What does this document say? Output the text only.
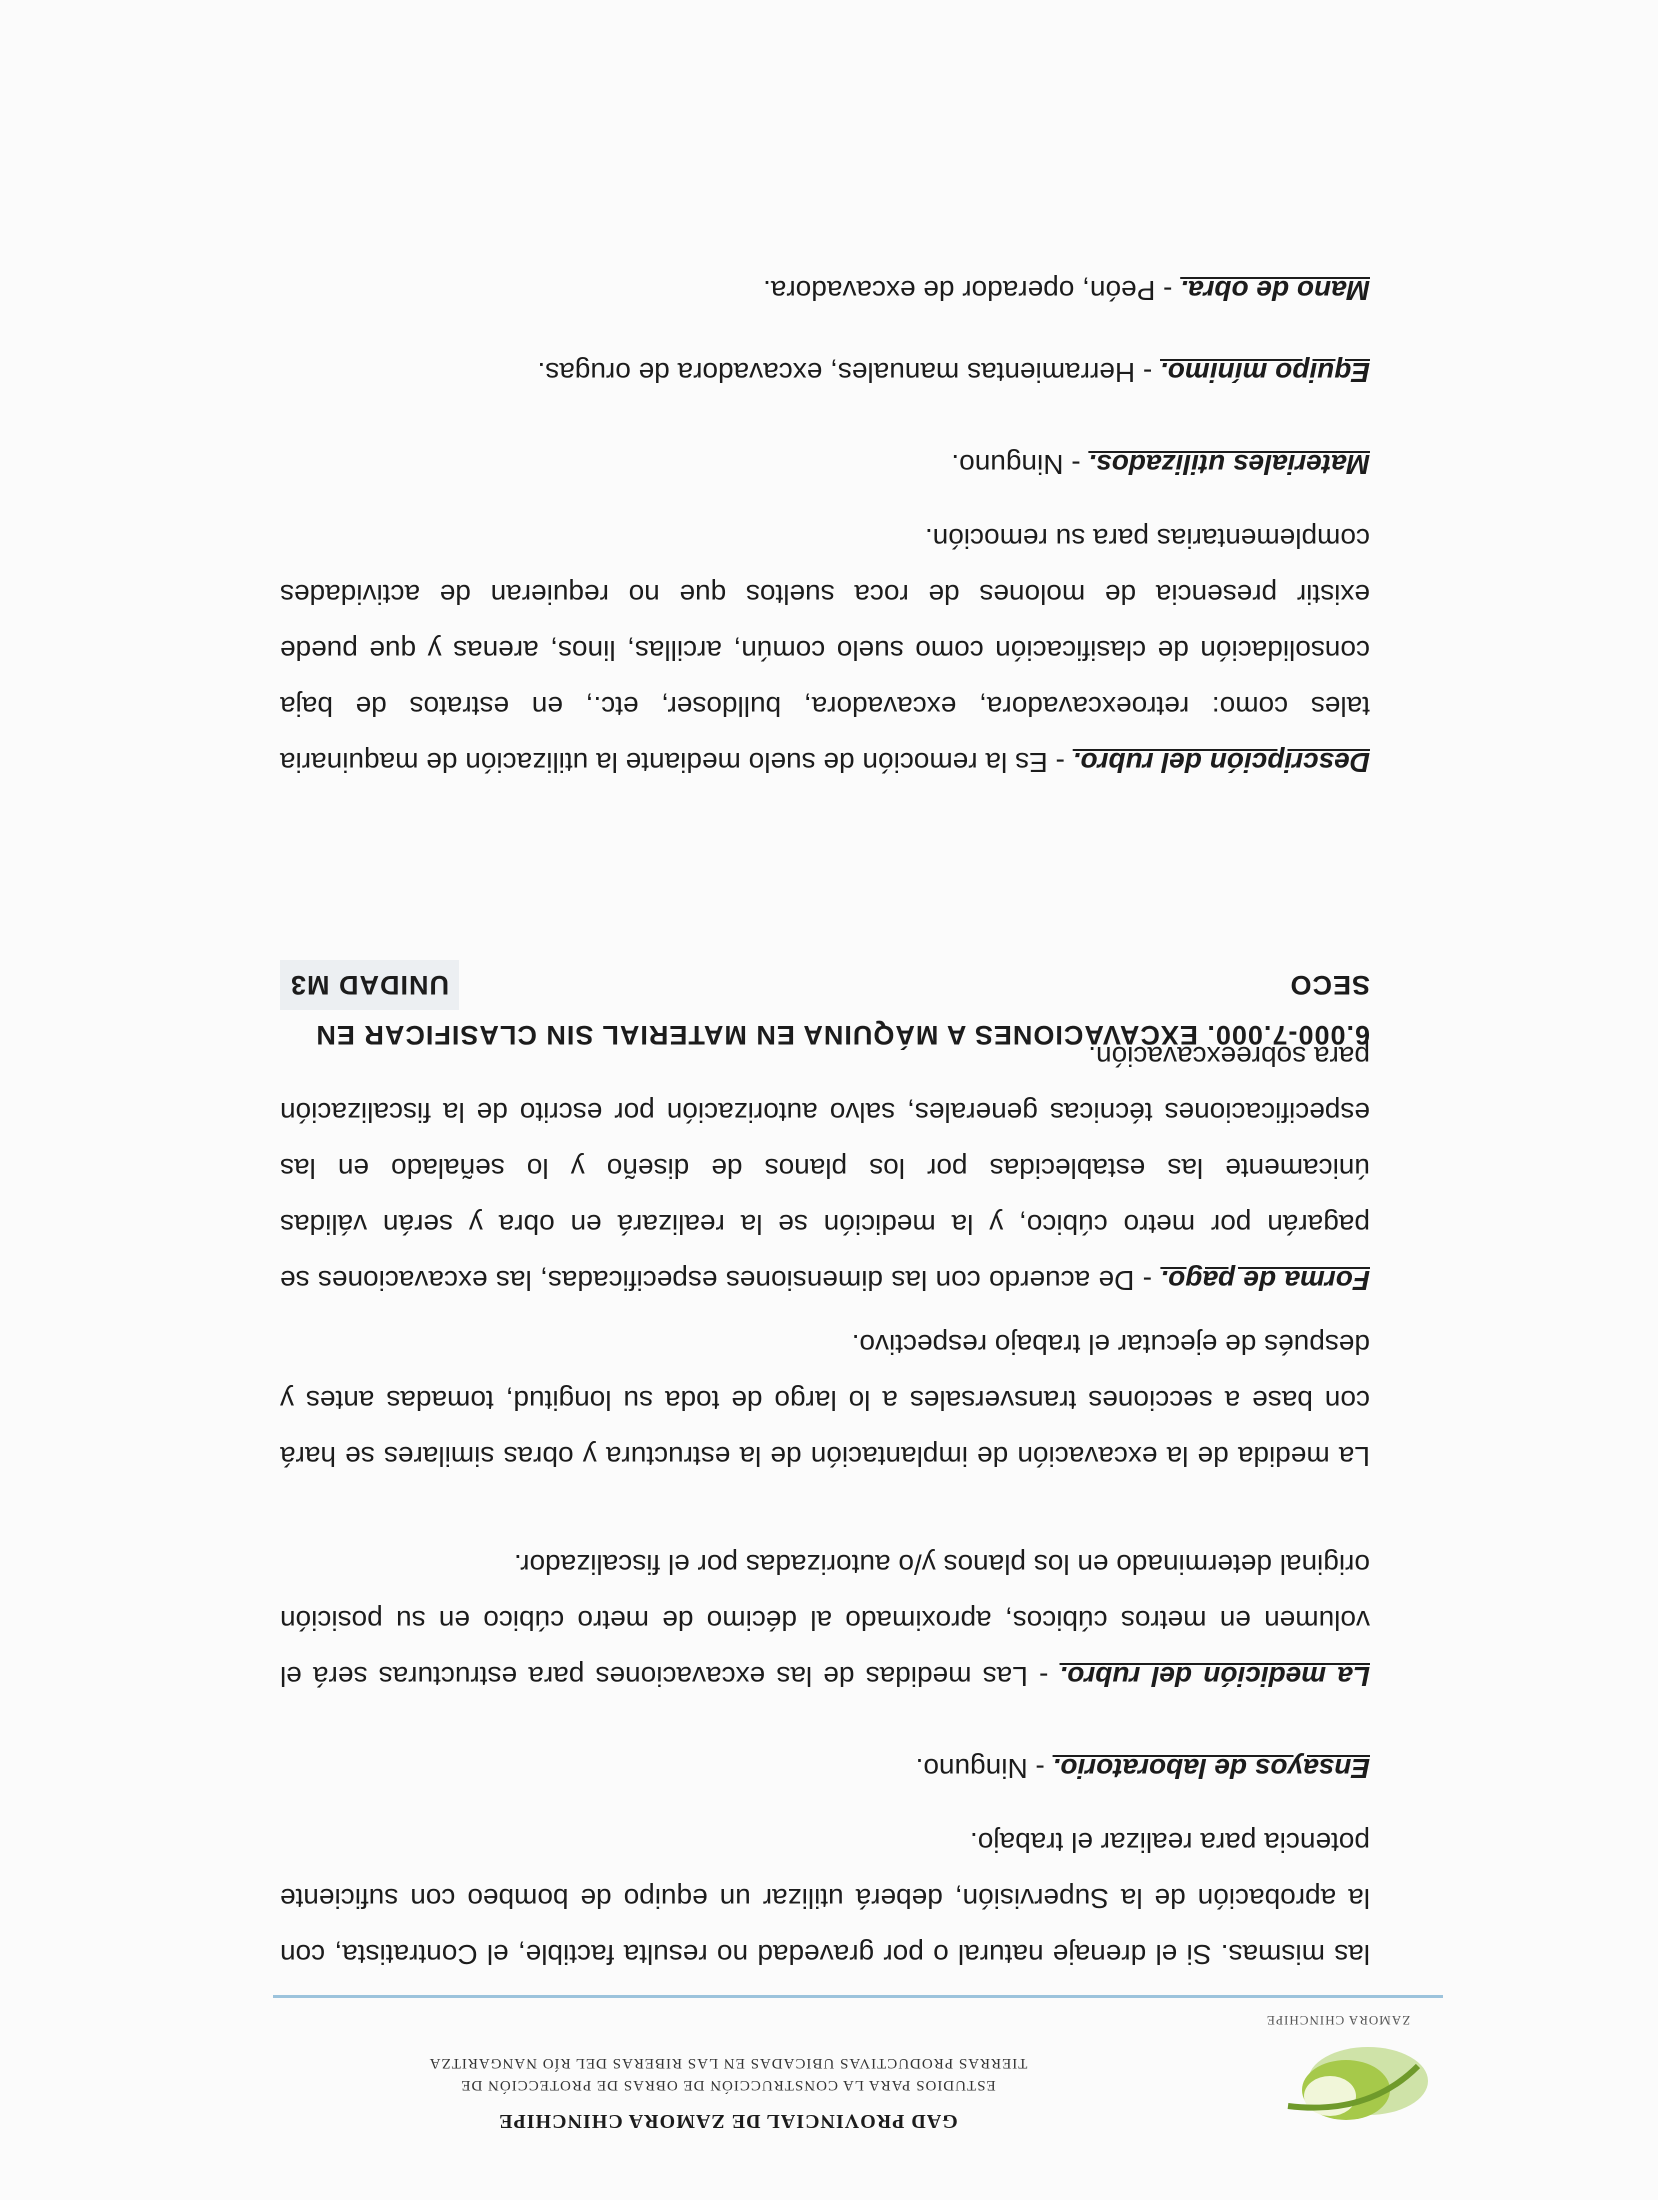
ZAMORA CHINCHIPE
GAD PROVINCIAL DE ZAMORA CHINCHIPE
ESTUDIOS PARA LA CONSTRUCCIÓN DE OBRAS DE PROTECCIÓN DE
TIERRAS PRODUCTIVAS UBICADAS EN LAS RIBERAS DEL RÍO NANGARITZA
las mismas. Si el drenaje natural o por gravedad no resulta factible, el Contratista, con la aprobación de la Supervisión, deberá utilizar un equipo de bombeo con suficiente potencia para realizar el trabajo.
Ensayos de laboratorio. - Ninguno.
La medición del rubro. - Las medidas de las excavaciones para estructuras será el volumen en metros cúbicos, aproximado al décimo de metro cúbico en su posición original determinado en los planos y/o autorizadas por el fiscalizador.
La medida de la excavación de implantación de la estructura y obras similares se hará con base a secciones transversales a lo largo de toda su longitud, tomadas antes y después de ejecutar el trabajo respectivo.
Forma de pago. - De acuerdo con las dimensiones especificadas, las excavaciones se pagarán por metro cúbico, y la medición se la realizará en obra y serán válidas únicamente las establecidas por los planos de diseño y lo señalado en las especificaciones técnicas generales, salvo autorización por escrito de la fiscalización para sobreexcavación.
6.000-7.000. EXCAVACIONES A MÁQUINA EN MATERIAL SIN CLASIFICAR EN
SECO
UNIDAD M3
Descripción del rubro. - Es la remoción de suelo mediante la utilización de maquinaria tales como: retroexcavadora, excavadora, bulldoser, etc., en estratos de baja consolidación de clasificación como suelo común, arcillas, linos, arenas y que puede existir presencia de molones de roca sueltos que no requieran de actividades complementarias para su remoción.
Materiales utilizados. - Ninguno.
Equipo mínimo. - Herramientas manuales, excavadora de orugas.
Mano de obra. - Peón, operador de excavadora.
